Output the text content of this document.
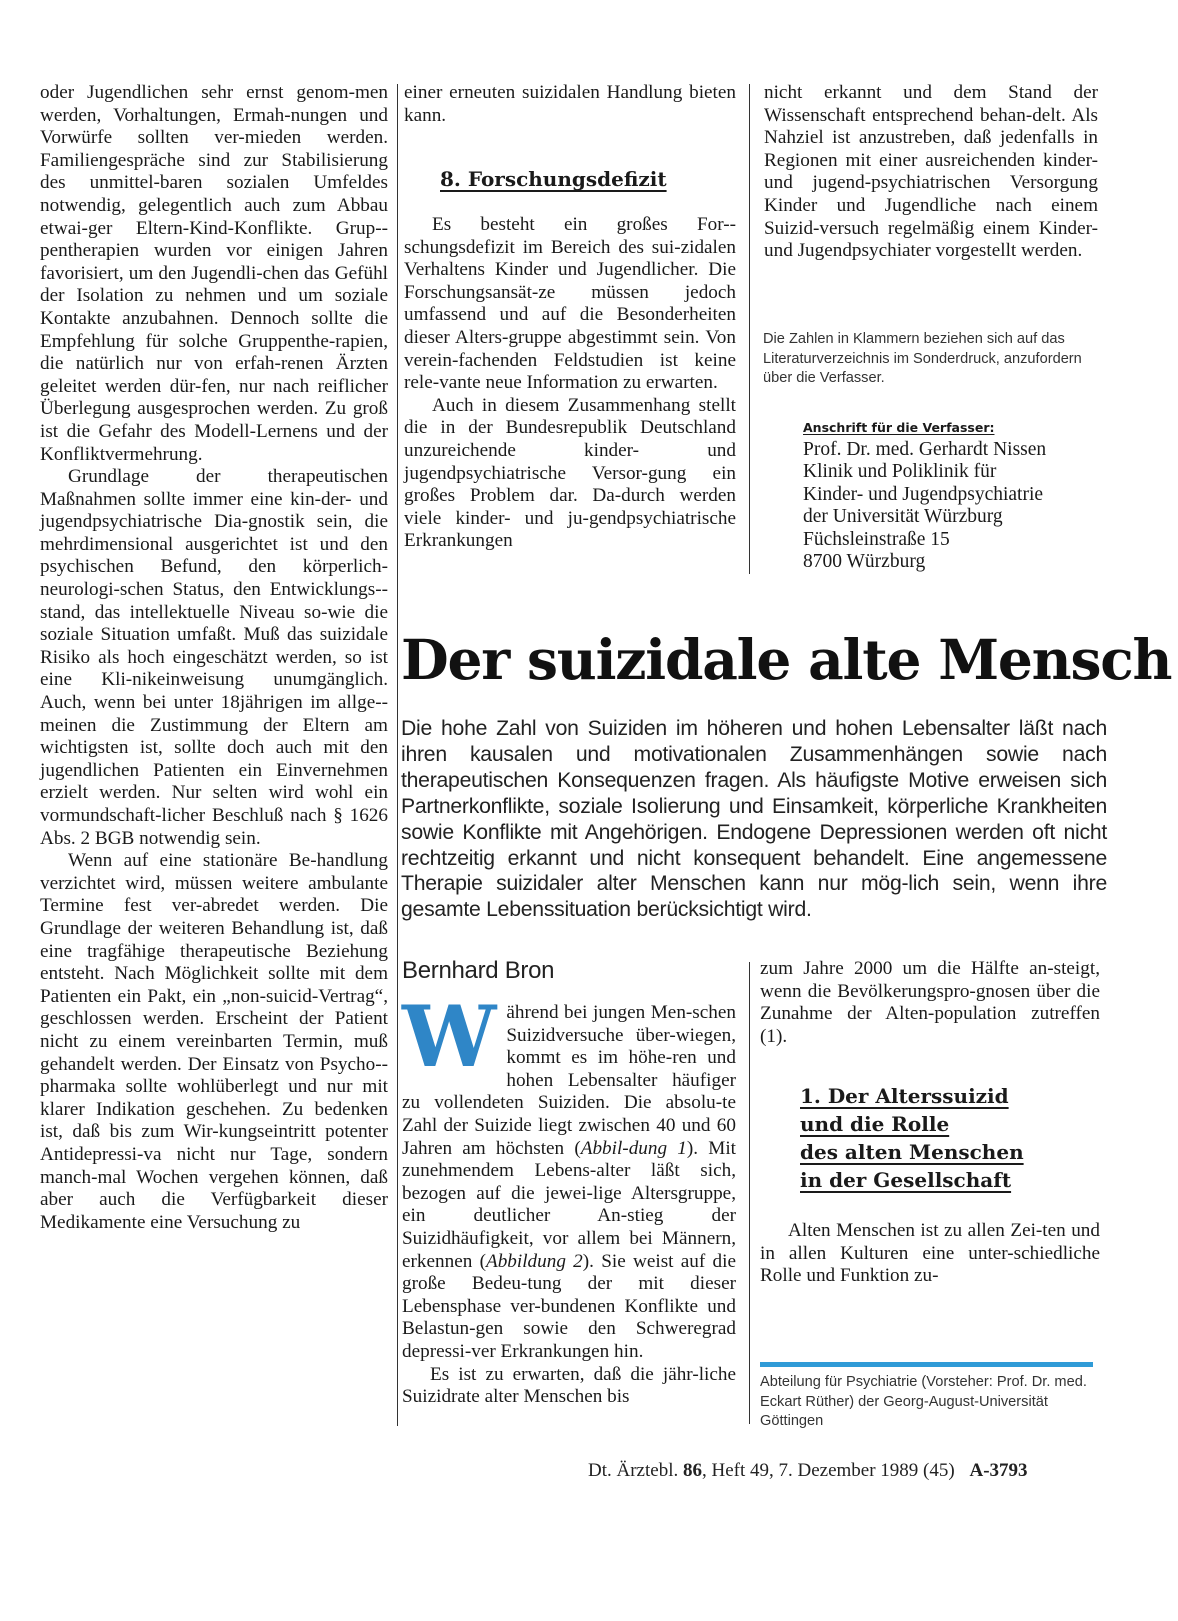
oder Jugendlichen sehr ernst genom-men werden, Vorhaltungen, Ermah-nungen und Vorwürfe sollten ver-mieden werden. Familiengespräche sind zur Stabilisierung des unmittel-baren sozialen Umfeldes notwendig, gelegentlich auch zum Abbau etwai-ger Eltern-Kind-Konflikte. Grup-pentherapien wurden vor einigen Jahren favorisiert, um den Jugendli-chen das Gefühl der Isolation zu nehmen und um soziale Kontakte anzubahnen. Dennoch sollte die Empfehlung für solche Gruppenthe-rapien, die natürlich nur von erfah-renen Ärzten geleitet werden dür-fen, nur nach reiflicher Überlegung ausgesprochen werden. Zu groß ist die Gefahr des Modell-Lernens und der Konfliktvermehrung.

Grundlage der therapeutischen Maßnahmen sollte immer eine kin-der- und jugendpsychiatrische Dia-gnostik sein, die mehrdimensional ausgerichtet ist und den psychischen Befund, den körperlich-neurologi-schen Status, den Entwicklungs-stand, das intellektuelle Niveau so-wie die soziale Situation umfaßt. Muß das suizidale Risiko als hoch eingeschätzt werden, so ist eine Kli-nikeinweisung unumgänglich. Auch, wenn bei unter 18jährigen im allge-meinen die Zustimmung der Eltern am wichtigsten ist, sollte doch auch mit den jugendlichen Patienten ein Einvernehmen erzielt werden. Nur selten wird wohl ein vormundschaft-licher Beschluß nach § 1626 Abs. 2 BGB notwendig sein.

Wenn auf eine stationäre Be-handlung verzichtet wird, müssen weitere ambulante Termine fest ver-abredet werden. Die Grundlage der weiteren Behandlung ist, daß eine tragfähige therapeutische Beziehung entsteht. Nach Möglichkeit sollte mit dem Patienten ein Pakt, ein „non-suicid-Vertrag“, geschlossen werden. Erscheint der Patient nicht zu einem vereinbarten Termin, muß gehandelt werden. Der Einsatz von Psycho-pharmaka sollte wohlüberlegt und nur mit klarer Indikation geschehen. Zu bedenken ist, daß bis zum Wir-kungseintritt potenter Antidepressi-va nicht nur Tage, sondern manch-mal Wochen vergehen können, daß aber auch die Verfügbarkeit dieser Medikamente eine Versuchung zu

einer erneuten suizidalen Handlung bieten kann.

8. Forschungsdefizit

Es besteht ein großes For-schungsdefizit im Bereich des sui-zidalen Verhaltens Kinder und Jugendlicher. Die Forschungsansät-ze müssen jedoch umfassend und auf die Besonderheiten dieser Alters-gruppe abgestimmt sein. Von verein-fachenden Feldstudien ist keine rele-vante neue Information zu erwarten.

Auch in diesem Zusammenhang stellt die in der Bundesrepublik Deutschland unzureichende kinder- und jugendpsychiatrische Versor-gung ein großes Problem dar. Da-durch werden viele kinder- und ju-gendpsychiatrische Erkrankungen

nicht erkannt und dem Stand der Wissenschaft entsprechend behan-delt. Als Nahziel ist anzustreben, daß jedenfalls in Regionen mit einer ausreichenden kinder- und jugend-psychiatrischen Versorgung Kinder und Jugendliche nach einem Suizid-versuch regelmäßig einem Kinder- und Jugendpsychiater vorgestellt werden.

Die Zahlen in Klammern beziehen sich auf das Literaturverzeichnis im Sonderdruck, anzufordern über die Verfasser.
Anschrift für die Verfasser:
Prof. Dr. med. Gerhardt Nissen
Klinik und Poliklinik für
Kinder- und Jugendpsychiatrie
der Universität Würzburg
Füchsleinstraße 15
8700 Würzburg
Der suizidale alte Mensch
Die hohe Zahl von Suiziden im höheren und hohen Lebensalter läßt nach ihren kausalen und motivationalen Zusammenhängen sowie nach therapeutischen Konsequenzen fragen. Als häufigste Motive erweisen sich Partnerkonflikte, soziale Isolierung und Einsamkeit, körperliche Krankheiten sowie Konflikte mit Angehörigen. Endogene Depressionen werden oft nicht rechtzeitig erkannt und nicht konsequent behandelt. Eine angemessene Therapie suizidaler alter Menschen kann nur mög-lich sein, wenn ihre gesamte Lebenssituation berücksichtigt wird.
Bernhard Bron
W ährend bei jungen Men-schen Suizidversuche über-wiegen, kommt es im höhe-ren und hohen Lebensalter häufiger zu vollendeten Suiziden. Die absolu-te Zahl der Suizide liegt zwischen 40 und 60 Jahren am höchsten (Abbil-dung 1). Mit zunehmendem Lebens-alter läßt sich, bezogen auf die jewei-lige Altersgruppe, ein deutlicher An-stieg der Suizidhäufigkeit, vor allem bei Männern, erkennen (Abbildung 2). Sie weist auf die große Bedeu-tung der mit dieser Lebensphase ver-bundenen Konflikte und Belastun-gen sowie den Schweregrad depressi-ver Erkrankungen hin.

Es ist zu erwarten, daß die jähr-liche Suizidrate alter Menschen bis

zum Jahre 2000 um die Hälfte an-steigt, wenn die Bevölkerungspro-gnosen über die Zunahme der Alten-population zutreffen (1).
1. Der Alterssuizid
und die Rolle
des alten Menschen
in der Gesellschaft

Alten Menschen ist zu allen Zei-ten und in allen Kulturen eine unter-schiedliche Rolle und Funktion zu-

Abteilung für Psychiatrie (Vorsteher: Prof. Dr. med. Eckart Rüther) der Georg-August-Universität Göttingen
Dt. Ärztebl. 86, Heft 49, 7. Dezember 1989 (45) A-3793
